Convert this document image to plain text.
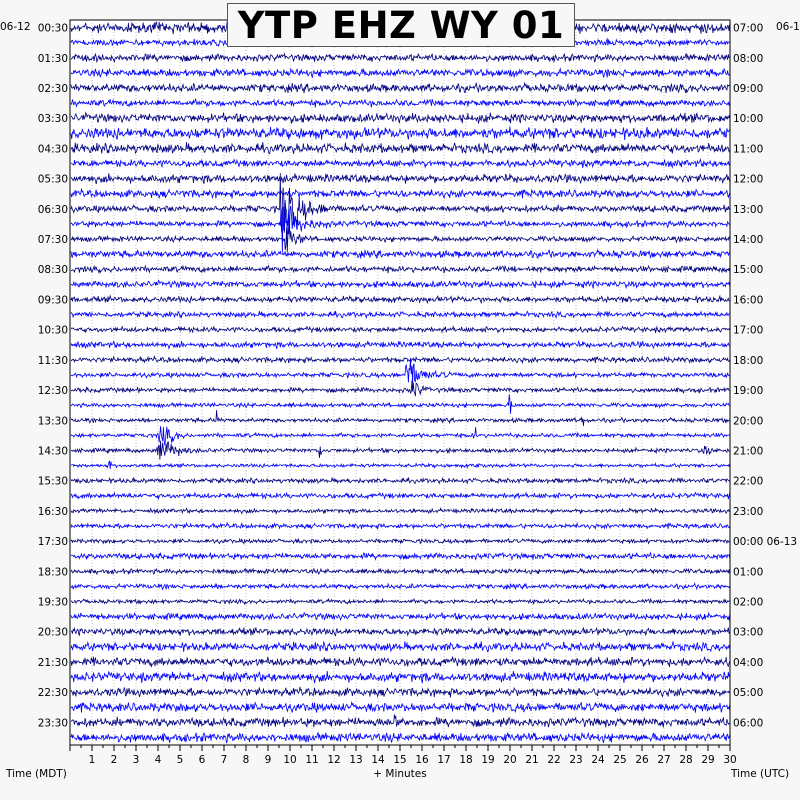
1 2 3 4 5 6 7 8 9 10 11 12 13 14 15 16 17 18 19 20 21 22 23 24 25 26 27 28 29 30
00:30
01:30
02:30
03:30
04:30
05:30
06:30
07:30
08:30
09:30
10:30
11:30
12:30
13:30
14:30
15:30
16:30
17:30
18:30
19:30
20:30
21:30
22:30
23:30
07:00
08:00
09:00
10:00
11:00
12:00
13:00
14:00
15:00
16:00
17:00
18:00
19:00
20:00
21:00
22:00
23:00
00:00 06-13
01:00
02:00
03:00
04:00
05:00
06:00
Time (MDT)	+ Minutes	Time (UTC)
06-12	06-1
YTP EHZ WY 01
